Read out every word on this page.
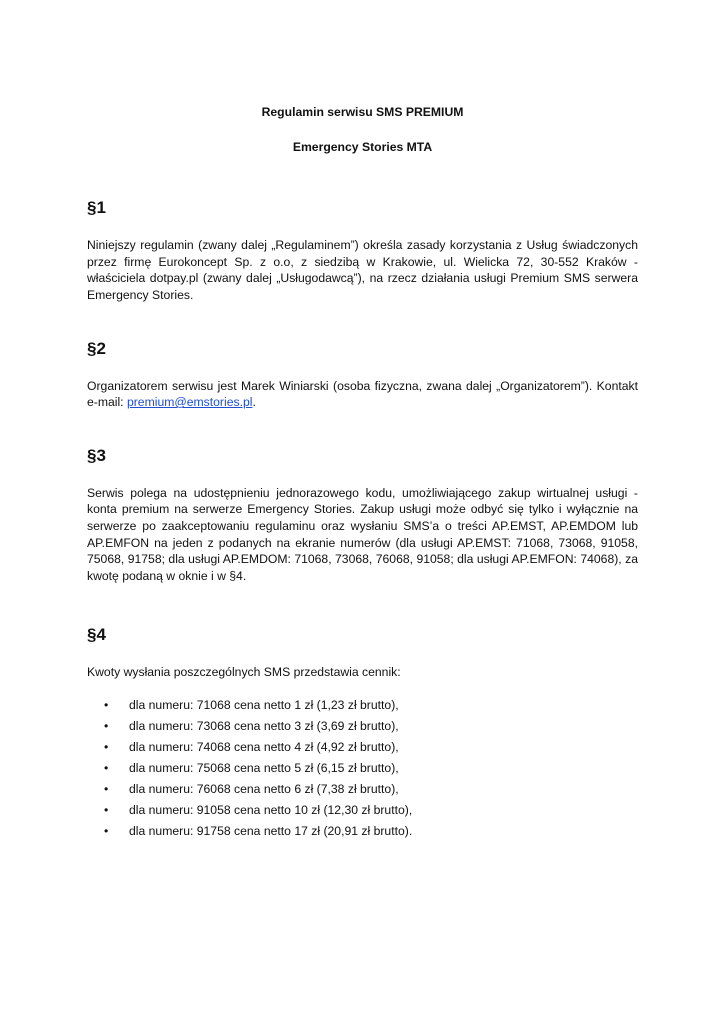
Regulamin serwisu SMS PREMIUM

Emergency Stories MTA

§1

Niniejszy regulamin (zwany dalej „Regulaminem”) określa zasady korzystania z Usług świadczonych przez firmę Eurokoncept Sp. z o.o, z siedzibą w Krakowie, ul. Wielicka 72, 30-552 Kraków - właściciela dotpay.pl (zwany dalej „Usługodawcą”), na rzecz działania usługi Premium SMS serwera Emergency Stories.

§2

Organizatorem serwisu jest Marek Winiarski (osoba fizyczna, zwana dalej „Organizatorem”). Kontakt e-mail: premium@emstories.pl.

§3

Serwis polega na udostępnieniu jednorazowego kodu, umożliwiającego zakup wirtualnej usługi - konta premium na serwerze Emergency Stories. Zakup usługi może odbyć się tylko i wyłącznie na serwerze po zaakceptowaniu regulaminu oraz wysłaniu SMS’a o treści AP.EMST, AP.EMDOM lub AP.EMFON na jeden z podanych na ekranie numerów (dla usługi AP.EMST: 71068, 73068, 91058, 75068, 91758; dla usługi AP.EMDOM: 71068, 73068, 76068, 91058; dla usługi AP.EMFON: 74068), za kwotę podaną w oknie i w §4.

§4

Kwoty wysłania poszczególnych SMS przedstawia cennik:

• dla numeru: 71068 cena netto 1 zł (1,23 zł brutto),
• dla numeru: 73068 cena netto 3 zł (3,69 zł brutto),
• dla numeru: 74068 cena netto 4 zł (4,92 zł brutto),
• dla numeru: 75068 cena netto 5 zł (6,15 zł brutto),
• dla numeru: 76068 cena netto 6 zł (7,38 zł brutto),
• dla numeru: 91058 cena netto 10 zł (12,30 zł brutto),
• dla numeru: 91758 cena netto 17 zł (20,91 zł brutto).
